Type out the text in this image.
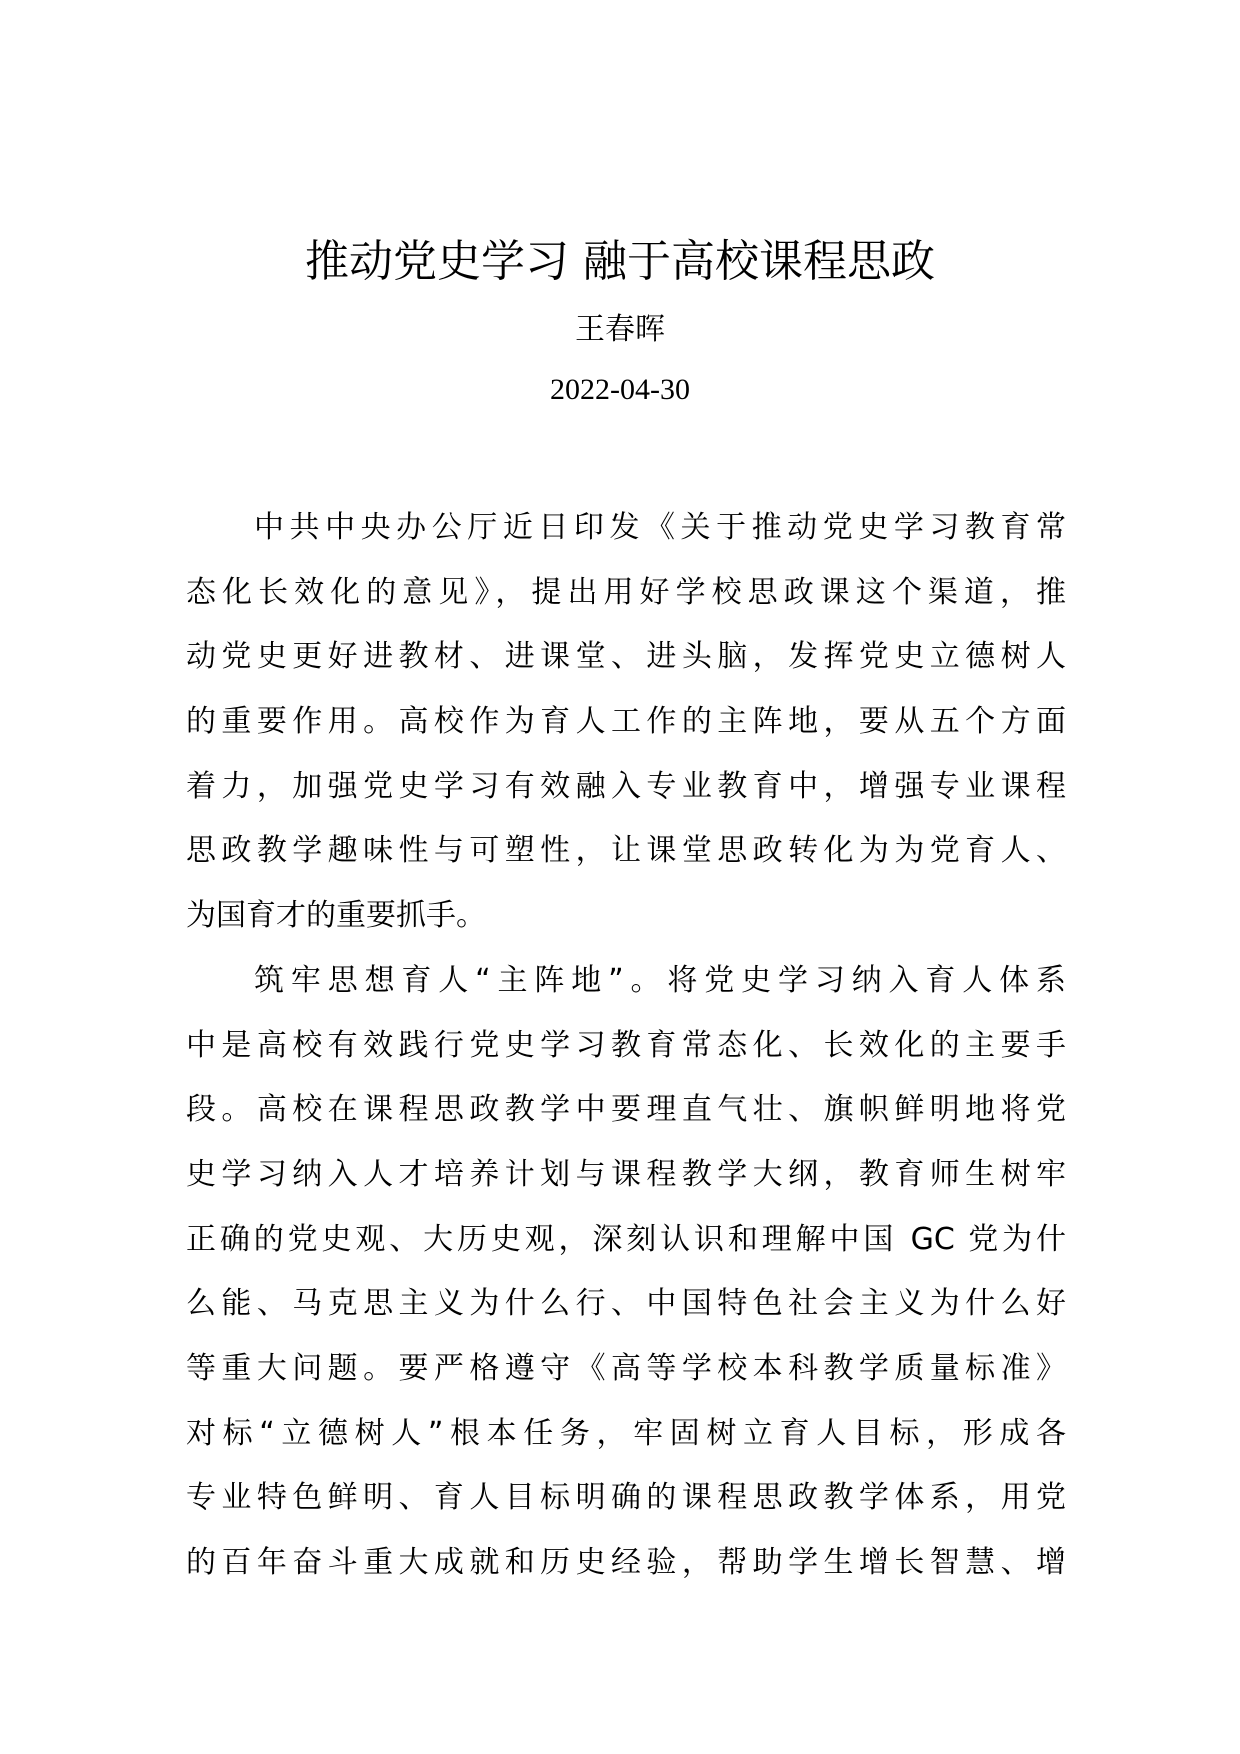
推动党史学习 融于高校课程思政
王春晖
2022-04-30
中共中央办公厅近日印发《关于推动党史学习教育常
态化长效化的意见》，提出用好学校思政课这个渠道，推
动党史更好进教材、进课堂、进头脑，发挥党史立德树人
的重要作用。高校作为育人工作的主阵地，要从五个方面
着力，加强党史学习有效融入专业教育中，增强专业课程
思政教学趣味性与可塑性，让课堂思政转化为为党育人、
为国育才的重要抓手。
筑牢思想育人“主阵地”。将党史学习纳入育人体系
中是高校有效践行党史学习教育常态化、长效化的主要手
段。高校在课程思政教学中要理直气壮、旗帜鲜明地将党
史学习纳入人才培养计划与课程教学大纲，教育师生树牢
正确的党史观、大历史观，深刻认识和理解中国 GC 党为什
么能、马克思主义为什么行、中国特色社会主义为什么好
等重大问题。要严格遵守《高等学校本科教学质量标准》
对标“立德树人”根本任务，牢固树立育人目标，形成各
专业特色鲜明、育人目标明确的课程思政教学体系，用党
的百年奋斗重大成就和历史经验，帮助学生增长智慧、增
